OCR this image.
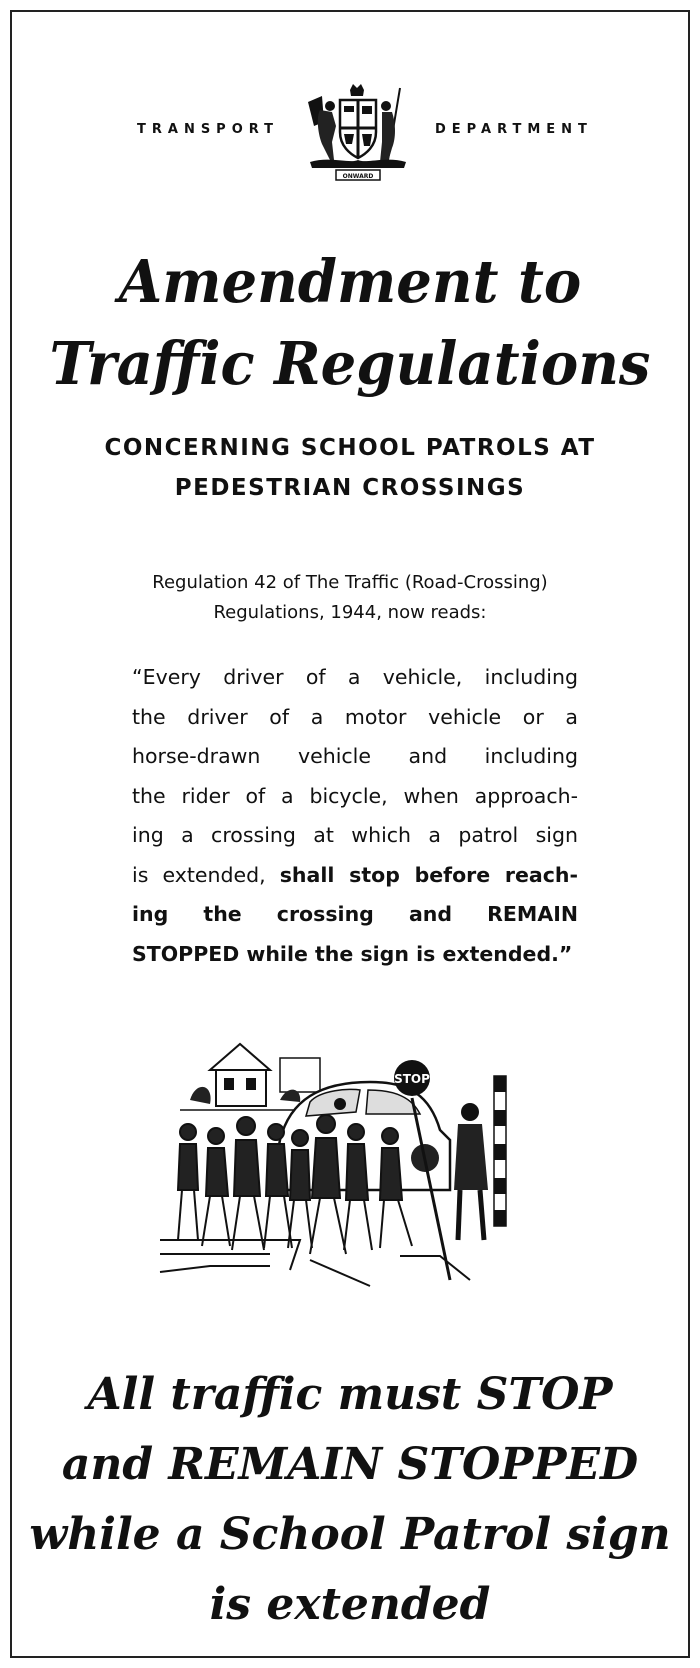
TRANSPORT
ONWARD
DEPARTMENT
Amendment to
Traffic Regulations
CONCERNING SCHOOL PATROLS AT
PEDESTRIAN CROSSINGS
Regulation 42 of The Traffic (Road-Crossing)
Regulations, 1944, now reads:
“Every driver of a vehicle, including
the driver of a motor vehicle or a
horse-drawn vehicle and including
the rider of a bicycle, when approach-
ing a crossing at which a patrol sign
is extended, shall stop before reach-
ing the crossing and REMAIN
STOPPED while the sign is extended.”
STOP
All traffic must STOP
and REMAIN STOPPED
while a School Patrol sign
is extended
